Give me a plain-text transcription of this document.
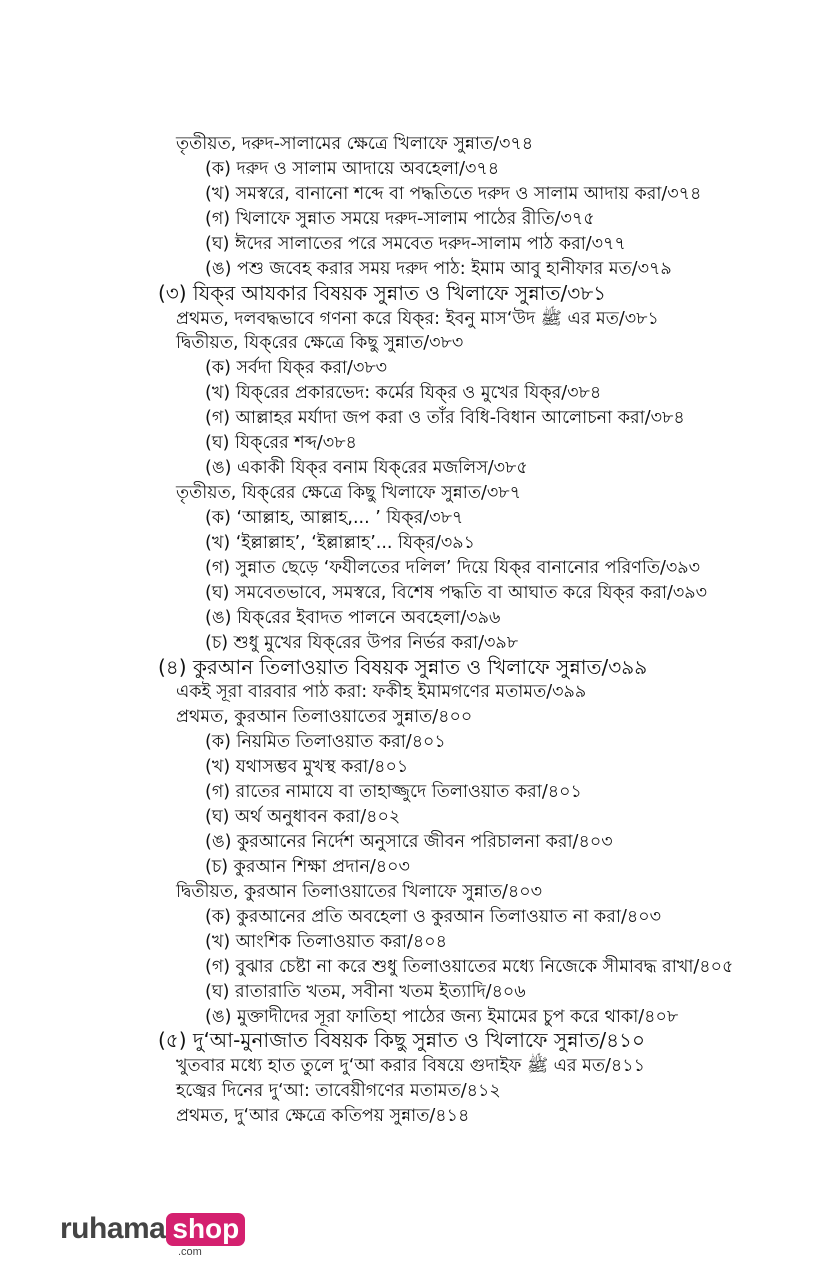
তৃতীয়ত, দরুদ-সালামের ক্ষেত্রে খিলাফে সুন্নাত/৩৭৪
(ক) দরুদ ও সালাম আদায়ে অবহেলা/৩৭৪
(খ) সমস্বরে, বানানো শব্দে বা পদ্ধতিতে দরুদ ও সালাম আদায় করা/৩৭৪
(গ) খিলাফে সুন্নাত সময়ে দরুদ-সালাম পাঠের রীতি/৩৭৫
(ঘ) ঈদের সালাতের পরে সমবেত দরুদ-সালাম পাঠ করা/৩৭৭
(ঙ) পশু জবেহ করার সময় দরুদ পাঠ: ইমাম আবু হানীফার মত/৩৭৯
(৩) যিক্‌র আযকার বিষয়ক সুন্নাত ও খিলাফে সুন্নাত/৩৮১
প্রথমত, দলবদ্ধভাবে গণনা করে যিক্‌র: ইবনু মাস‘উদ ﷺ এর মত/৩৮১
দ্বিতীয়ত, যিক্‌রের ক্ষেত্রে কিছু সুন্নাত/৩৮৩
(ক) সর্বদা যিক্‌র করা/৩৮৩
(খ) যিক্‌রের প্রকারভেদ: কর্মের যিক্‌র ও মুখের যিক্‌র/৩৮৪
(গ) আল্লাহর মর্যাদা জপ করা ও তাঁর বিধি-বিধান আলোচনা করা/৩৮৪
(ঘ) যিক্‌রের শব্দ/৩৮৪
(ঙ) একাকী যিক্‌র বনাম যিক্‌রের মজলিস/৩৮৫
তৃতীয়ত, যিক্‌রের ক্ষেত্রে কিছু খিলাফে সুন্নাত/৩৮৭
(ক) ‘আল্লাহ, আল্লাহ,... ’ যিক্‌র/৩৮৭
(খ) ‘ইল্লাল্লাহ’, ‘ইল্লাল্লাহ’... যিক্‌র/৩৯১
(গ) সুন্নাত ছেড়ে ‘ফযীলতের দলিল’ দিয়ে যিক্‌র বানানোর পরিণতি/৩৯৩
(ঘ) সমবেতভাবে, সমস্বরে, বিশেষ পদ্ধতি বা আঘাত করে যিক্‌র করা/৩৯৩
(ঙ) যিক্‌রের ইবাদত পালনে অবহেলা/৩৯৬
(চ) শুধু মুখের যিক্‌রের উপর নির্ভর করা/৩৯৮
(৪) কুরআন তিলাওয়াত বিষয়ক সুন্নাত ও খিলাফে সুন্নাত/৩৯৯
একই সূরা বারবার পাঠ করা: ফকীহ ইমামগণের মতামত/৩৯৯
প্রথমত, কুরআন তিলাওয়াতের সুন্নাত/৪০০
(ক) নিয়মিত তিলাওয়াত করা/৪০১
(খ) যথাসম্ভব মুখস্থ করা/৪০১
(গ) রাতের নামাযে বা তাহাজ্জুদে তিলাওয়াত করা/৪০১
(ঘ) অর্থ অনুধাবন করা/৪০২
(ঙ) কুরআনের নির্দেশ অনুসারে জীবন পরিচালনা করা/৪০৩
(চ) কুরআন শিক্ষা প্রদান/৪০৩
দ্বিতীয়ত, কুরআন তিলাওয়াতের খিলাফে সুন্নাত/৪০৩
(ক) কুরআনের প্রতি অবহেলা ও কুরআন তিলাওয়াত না করা/৪০৩
(খ) আংশিক তিলাওয়াত করা/৪০৪
(গ) বুঝার চেষ্টা না করে শুধু তিলাওয়াতের মধ্যে নিজেকে সীমাবদ্ধ রাখা/৪০৫
(ঘ) রাতারাতি খতম, সবীনা খতম ইত্যাদি/৪০৬
(ঙ) মুক্তাদীদের সূরা ফাতিহা পাঠের জন্য ইমামের চুপ করে থাকা/৪০৮
(৫) দু‘আ-মুনাজাত বিষয়ক কিছু সুন্নাত ও খিলাফে সুন্নাত/৪১০
খুতবার মধ্যে হাত তুলে দু‘আ করার বিষয়ে গুদাইফ ﷺ এর মত/৪১১
হজ্বের দিনের দু‘আ: তাবেয়ীগণের মতামত/৪১২
প্রথমত, দু‘আর ক্ষেত্রে কতিপয় সুন্নাত/৪১৪
ruhama shop
.com
